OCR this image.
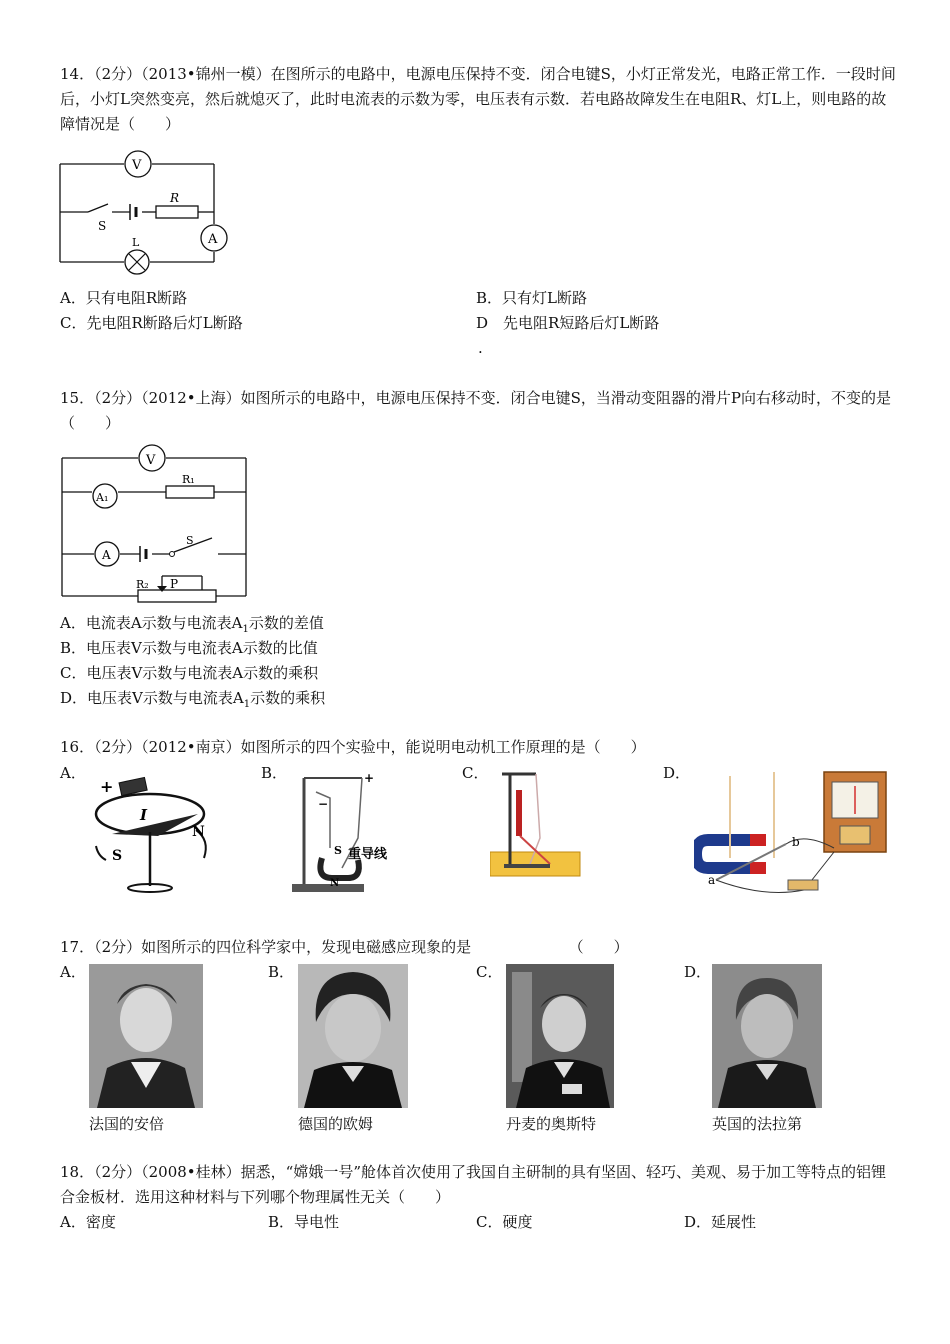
14．（2分）（2013•锦州一模）在图所示的电路中，电源电压保持不变．闭合电键S，小灯正常发光，电路正常工作．一段时间后，小灯L突然变亮，然后就熄灭了，此时电流表的示数为零，电压表有示数．若电路故障发生在电阻R、灯L上，则电路的故障情况是（　　）
V
A
S
R
L
A．只有电阻R断路	B．只有灯L断路
C．先电阻R断路后灯L断路	D　先电阻R短路后灯L断路
.
15．（2分）（2012•上海）如图所示的电路中，电源电压保持不变．闭合电键S，当滑动变阻器的滑片P向右移动时，不变的是（　　）
V
A₁
A
R₁
R₂ P
S
A．电流表A示数与电流表$A_1$示数的差值
B．电压表V示数与电流表A示数的比值
C．电压表V示数与电流表A示数的乘积
D．电压表V示数与电流表$A_1$示数的乘积
16．（2分）（2012•南京）如图所示的四个实验中，能说明电动机工作原理的是（　　）
A．	B．	C．	D．
+
I
N
S
+
−
S
N
重导线
a
b
17．（2分）如图所示的四位科学家中，发现电磁感应现象的是　　　　　　　（　　）
A．	B．	C．	D．
法国的安倍	德国的欧姆	丹麦的奥斯特	英国的法拉第
18．（2分）（2008•桂林）据悉，“嫦娥一号”舱体首次使用了我国自主研制的具有坚固、轻巧、美观、易于加工等特点的铝锂合金板材．选用这种材料与下列哪个物理属性无关（　　）
A．密度	B．导电性	C．硬度	D．延展性
